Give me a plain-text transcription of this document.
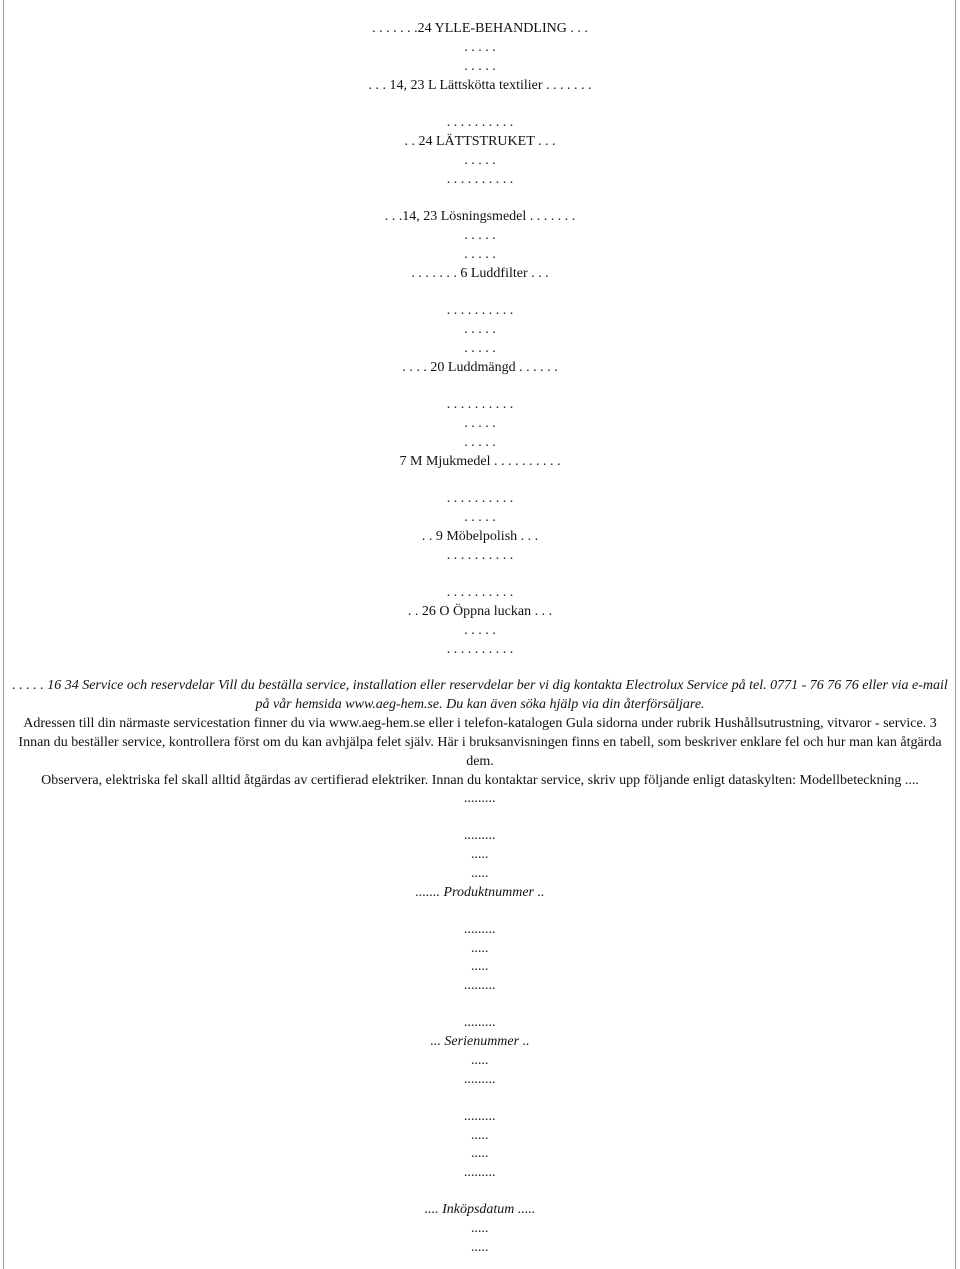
. . . . . . .24 YLLE-BEHANDLING . . .

. . . . .

. . . . .

. . . 14, 23 L Lättskötta textilier . . . . . . .

. . . . . . . . . .

. . 24 LÄTTSTRUKET . . .

. . . . .

. . . . . . . . . .

. . .14, 23 Lösningsmedel . . . . . . .

. . . . .

. . . . .

. . . . . . . 6 Luddfilter . . .

. . . . . . . . . .

. . . . .

. . . . .

. . . . 20 Luddmängd . . . . . .

. . . . . . . . . .

. . . . .

. . . . .

7 M Mjukmedel . . . . . . . . . .

. . . . . . . . . .

. . . . .

. . 9 Möbelpolish . . .

. . . . . . . . . .

. . . . . . . . . .

. . 26 O Öppna luckan . . .

. . . . .

. . . . . . . . . .

. . . . . 16 34 Service och reservdelar Vill du beställa service, installation eller reservdelar ber vi dig kontakta Electrolux Service på tel. 0771 - 76 76 76 eller via e-mail på vår hemsida www.aeg-hem.se. Du kan även söka hjälp via din återförsäljare.

Adressen till din närmaste servicestation finner du via www.aeg-hem.se eller i telefon-katalogen Gula sidorna under rubrik Hushållsutrustning, vitvaror - service. 3 Innan du beställer service, kontrollera först om du kan avhjälpa felet själv. Här i bruksanvisningen finns en tabell, som beskriver enklare fel och hur man kan åtgärda dem.

Observera, elektriska fel skall alltid åtgärdas av certifierad elektriker. Innan du kontaktar service, skriv upp följande enligt dataskylten: Modellbeteckning ....

.........

.........

.....

.....

....... Produktnummer ..

.........

.....

.....

.........

.........

... Serienummer ..

.....

.........

.........

.....

.....

.........

.... Inköpsdatum .....

.....

.....
